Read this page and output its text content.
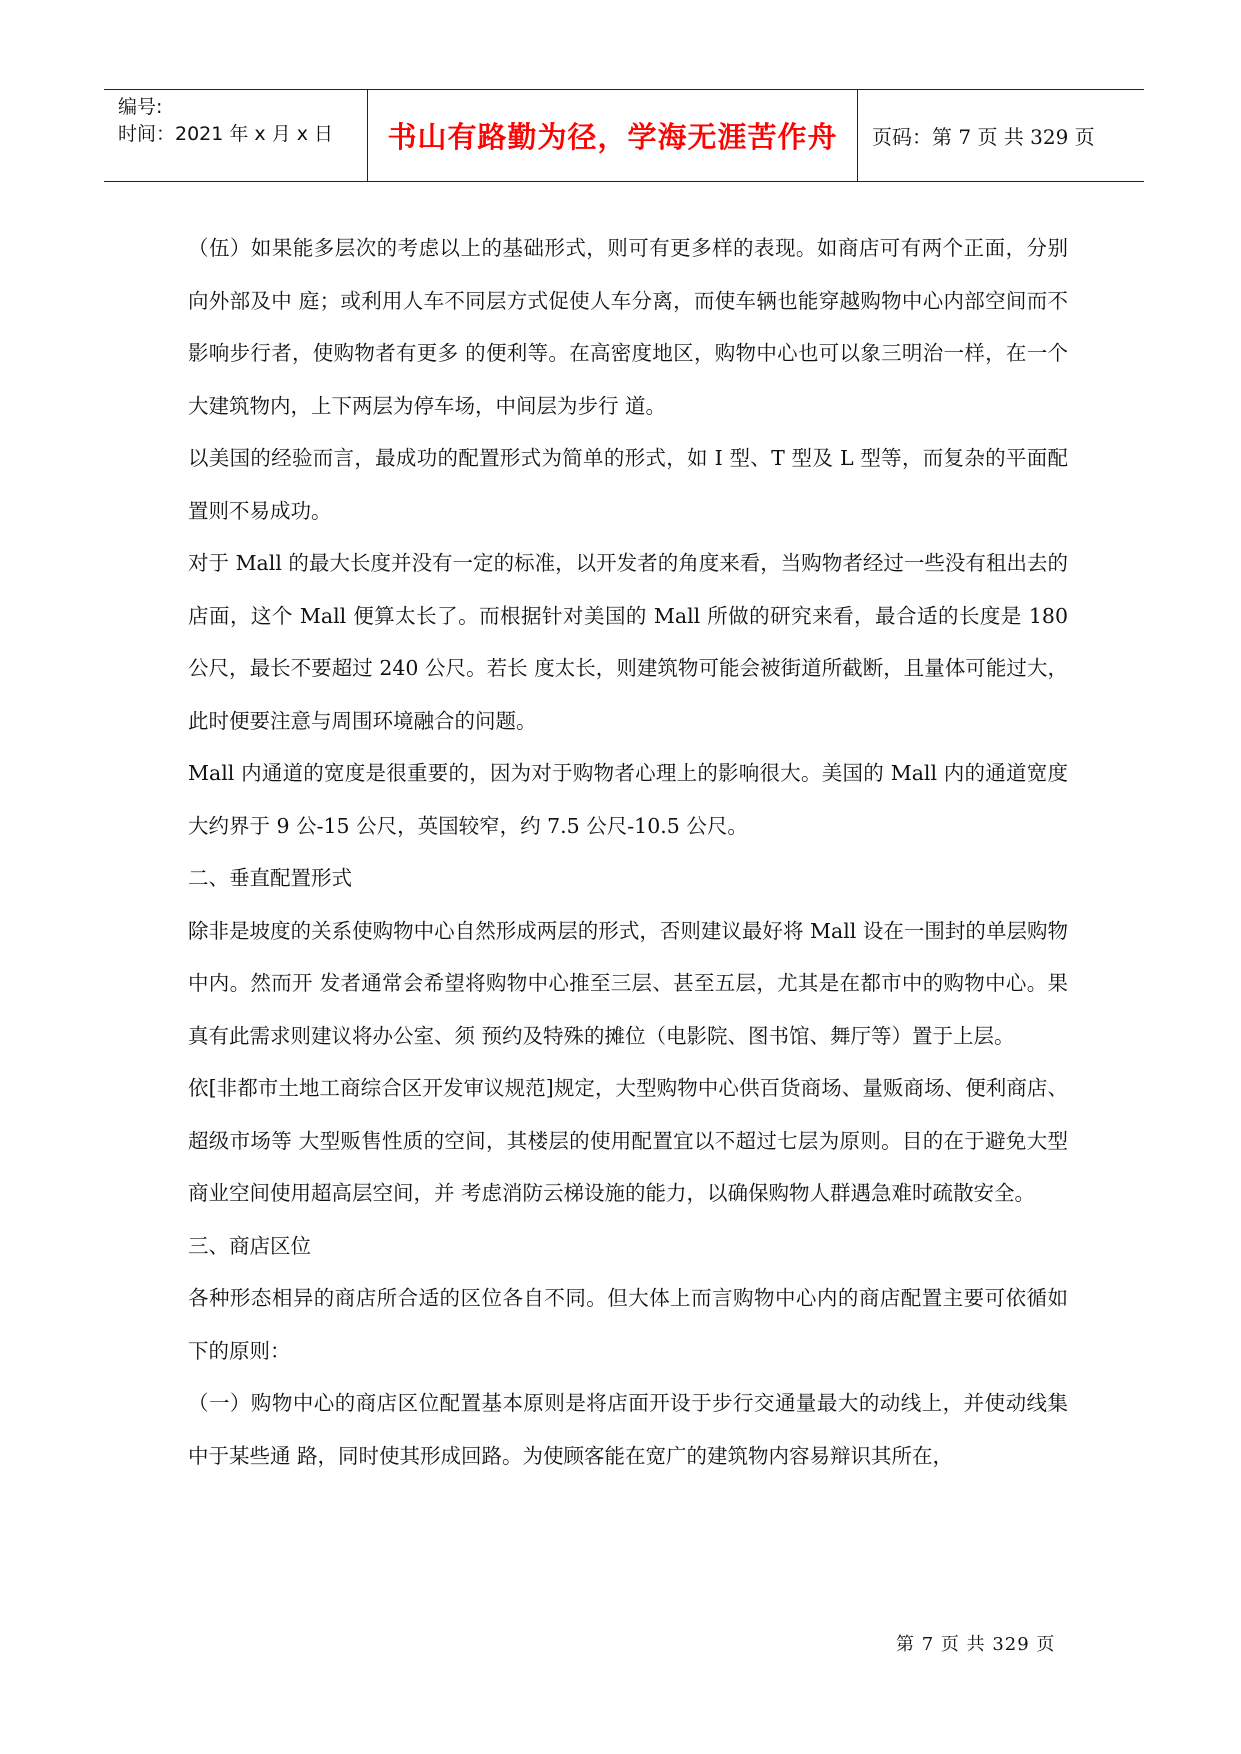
编号:
时间：2021 年 x 月 x 日	书山有路勤为径，学海无涯苦作舟	页码：第 7 页 共 329 页

（伍）如果能多层次的考虑以上的基础形式，则可有更多样的表现。如商店可有两个正面，分别向外部及中 庭；或利用人车不同层方式促使人车分离，而使车辆也能穿越购物中心内部空间而不影响步行者，使购物者有更多 的便利等。在高密度地区，购物中心也可以象三明治一样，在一个大建筑物内，上下两层为停车场，中间层为步行 道。

以美国的经验而言，最成功的配置形式为简单的形式，如 I 型、T 型及 L 型等，而复杂的平面配置则不易成功。

对于 Mall 的最大长度并没有一定的标准，以开发者的角度来看，当购物者经过一些没有租出去的店面，这个 Mall 便算太长了。而根据针对美国的 Mall 所做的研究来看，最合适的长度是 180 公尺，最长不要超过 240 公尺。若长 度太长，则建筑物可能会被街道所截断，且量体可能过大，此时便要注意与周围环境融合的问题。

Mall 内通道的宽度是很重要的，因为对于购物者心理上的影响很大。美国的 Mall 内的通道宽度大约界于 9 公-15 公尺，英国较窄，约 7.5 公尺-10.5 公尺。

二、垂直配置形式

除非是坡度的关系使购物中心自然形成两层的形式，否则建议最好将 Mall 设在一围封的单层购物中内。然而开 发者通常会希望将购物中心推至三层、甚至五层，尤其是在都市中的购物中心。果真有此需求则建议将办公室、须 预约及特殊的摊位（电影院、图书馆、舞厅等）置于上层。

依[非都市土地工商综合区开发审议规范]规定，大型购物中心供百货商场、量贩商场、便利商店、超级市场等 大型贩售性质的空间，其楼层的使用配置宜以不超过七层为原则。目的在于避免大型商业空间使用超高层空间，并 考虑消防云梯设施的能力，以确保购物人群遇急难时疏散安全。

三、商店区位

各种形态相异的商店所合适的区位各自不同。但大体上而言购物中心内的商店配置主要可依循如下的原则：

（一）购物中心的商店区位配置基本原则是将店面开设于步行交通量最大的动线上，并使动线集中于某些通 路，同时使其形成回路。为使顾客能在宽广的建筑物内容易辩识其所在，

第 7 页 共 329 页
